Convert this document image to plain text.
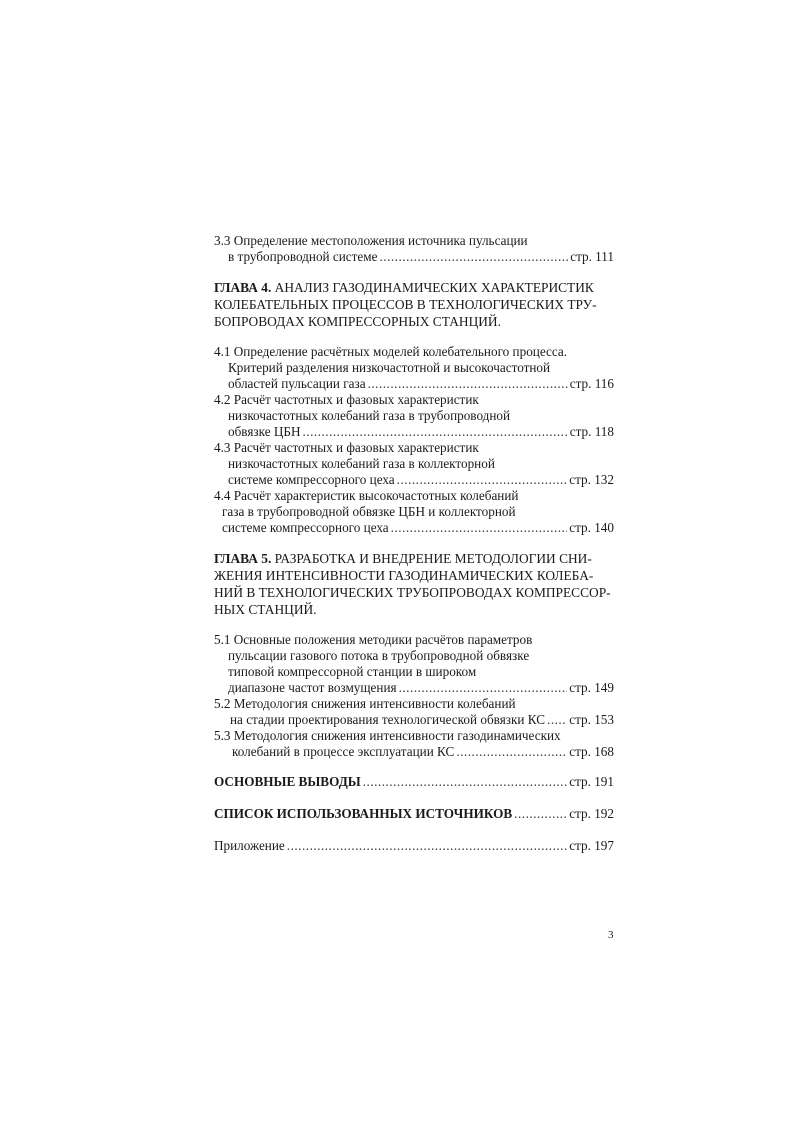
3.3 Определение местоположения источника пульсации
в трубопроводной системе .....	стр. 111
ГЛАВА 4. АНАЛИЗ ГАЗОДИНАМИЧЕСКИХ ХАРАКТЕРИСТИК
КОЛЕБАТЕЛЬНЫХ ПРОЦЕССОВ В ТЕХНОЛОГИЧЕСКИХ ТРУ-
БОПРОВОДАХ КОМПРЕССОРНЫХ СТАНЦИЙ.
4.1 Определение расчётных моделей колебательного процесса.
Критерий разделения низкочастотной и высокочастотной
областей пульсации газа .....	стр. 116
4.2 Расчёт частотных и фазовых характеристик
низкочастотных колебаний газа в трубопроводной
обвязке ЦБН .....	стр. 118
4.3 Расчёт частотных и фазовых характеристик
низкочастотных колебаний газа в коллекторной
системе компрессорного цеха .....	стр. 132
4.4 Расчёт характеристик высокочастотных колебаний
газа в трубопроводной обвязке ЦБН и коллекторной
системе компрессорного цеха .....	стр. 140
ГЛАВА 5. РАЗРАБОТКА И ВНЕДРЕНИЕ МЕТОДОЛОГИИ СНИ-
ЖЕНИЯ ИНТЕНСИВНОСТИ ГАЗОДИНАМИЧЕСКИХ КОЛЕБА-
НИЙ В ТЕХНОЛОГИЧЕСКИХ ТРУБОПРОВОДАХ КОМПРЕССОР-
НЫХ СТАНЦИЙ.
5.1 Основные положения методики расчётов параметров
пульсации газового потока в трубопроводной обвязке
типовой компрессорной станции в широком
диапазоне частот возмущения .....	стр. 149
5.2 Методология снижения интенсивности колебаний
на стадии проектирования технологической обвязки КС ..... стр. 153
5.3 Методология снижения интенсивности газодинамических
колебаний в процессе эксплуатации КС .....	стр. 168
ОСНОВНЫЕ ВЫВОДЫ .....	стр. 191
СПИСОК ИСПОЛЬЗОВАННЫХ ИСТОЧНИКОВ .....	стр. 192
Приложение .....	стр. 197
3
